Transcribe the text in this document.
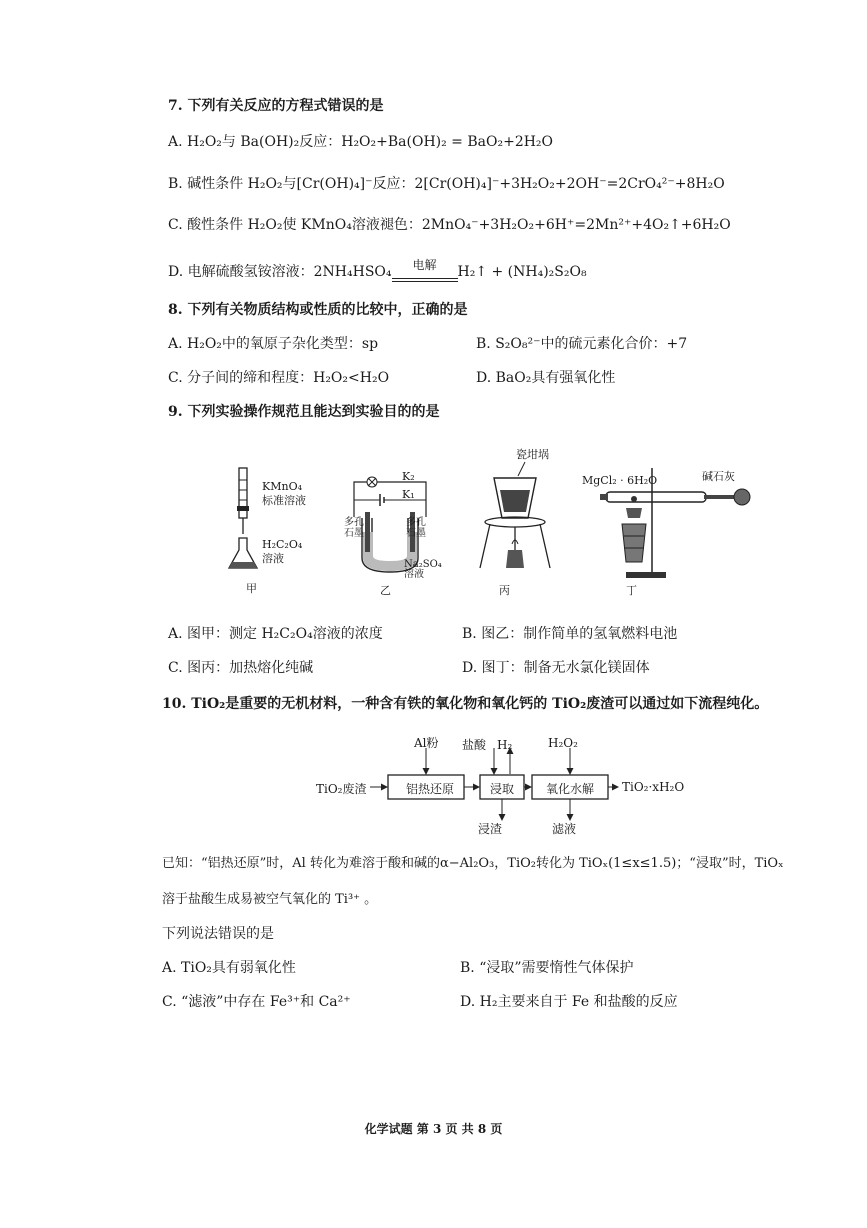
7. 下列有关反应的方程式错误的是
A. H₂O₂与 Ba(OH)₂反应：H₂O₂+Ba(OH)₂ = BaO₂+2H₂O
B. 碱性条件 H₂O₂与[Cr(OH)₄]⁻反应：2[Cr(OH)₄]⁻+3H₂O₂+2OH⁻=2CrO₄²⁻+8H₂O
C. 酸性条件 H₂O₂使 KMnO₄溶液褪色：2MnO₄⁻+3H₂O₂+6H⁺=2Mn²⁺+4O₂↑+6H₂O
D. 电解硫酸氢铵溶液：2NH₄HSO₄	电解	H₂↑ + (NH₄)₂S₂O₈
8. 下列有关物质结构或性质的比较中，正确的是
A. H₂O₂中的氧原子杂化类型：sp	B. S₂O₈²⁻中的硫元素化合价：+7
C. 分子间的缔和程度：H₂O₂<H₂O	D. BaO₂具有强氧化性
9. 下列实验操作规范且能达到实验目的的是
KMnO₄
标准溶液
H₂C₂O₄
溶液
甲
K₂
K₁
多孔
石墨
多孔
石墨
Na₂SO₄
溶液
乙
瓷坩埚
丙
MgCl₂ · 6H₂O	碱石灰
丁
A. 图甲：测定 H₂C₂O₄溶液的浓度	B. 图乙：制作简单的氢氧燃料电池
C. 图丙：加热熔化纯碱	D. 图丁：制备无水氯化镁固体
10. TiO₂是重要的无机材料，一种含有铁的氧化物和氧化钙的 TiO₂废渣可以通过如下流程纯化。
TiO₂废渣
Al粉
铝热还原
盐酸 H₂
浸取
浸渣
H₂O₂
氧化水解
滤液
TiO₂·xH₂O
已知：“铝热还原”时，Al 转化为难溶于酸和碱的α−Al₂O₃，TiO₂转化为 TiOₓ(1≤x≤1.5)；“浸取”时，TiOₓ
溶于盐酸生成易被空气氧化的 Ti³⁺ 。
下列说法错误的是
A. TiO₂具有弱氧化性	B. “浸取”需要惰性气体保护
C. “滤液”中存在 Fe³⁺和 Ca²⁺	D. H₂主要来自于 Fe 和盐酸的反应
化学试题 第 3 页 共 8 页
